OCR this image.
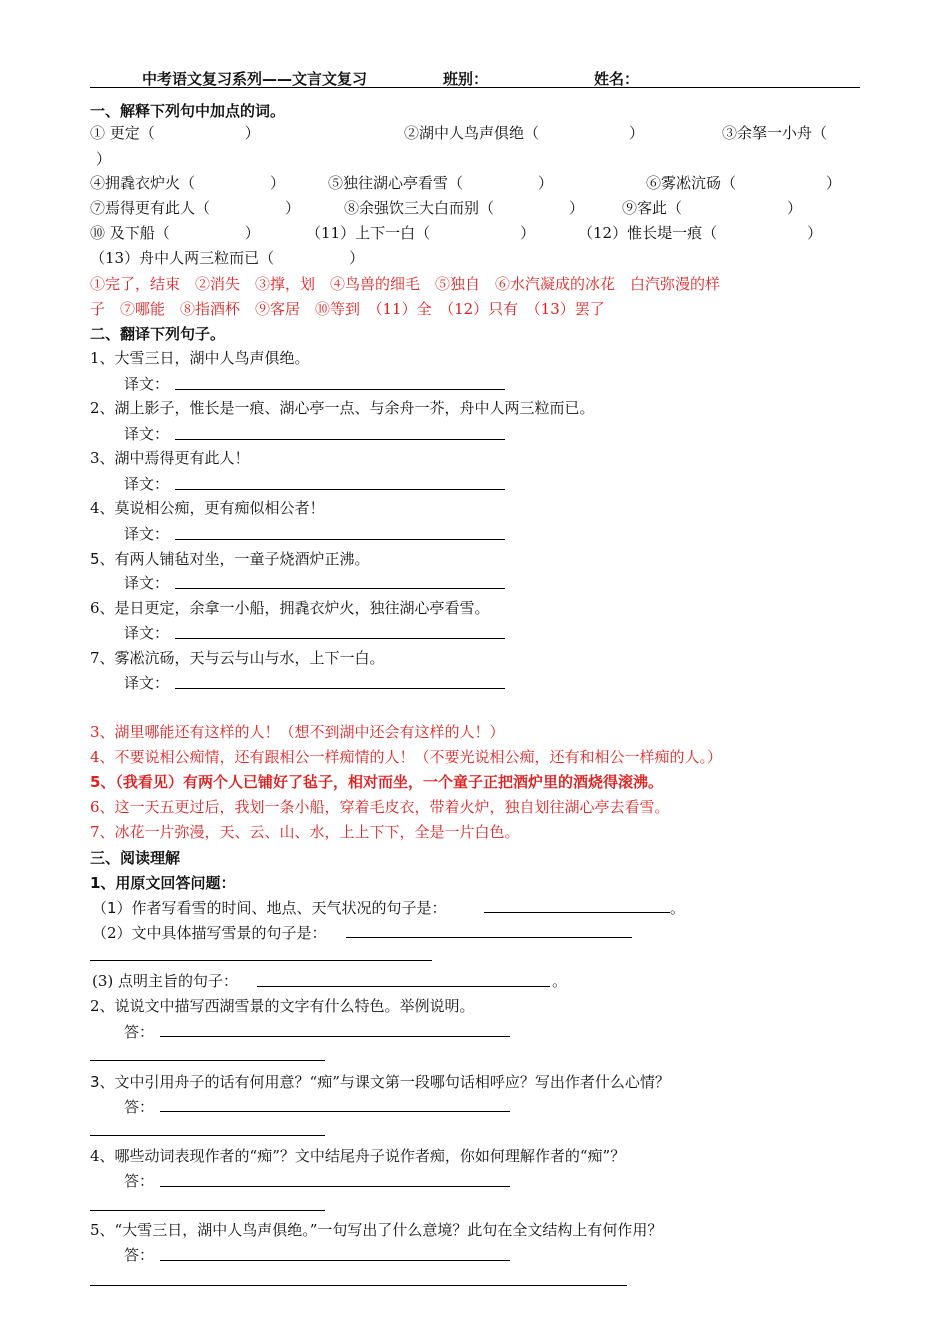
中考语文复习系列——文言文复习	班别：	姓名：
一、解释下列句中加点的词。
① 更定（　　　　　　）	②湖中人鸟声俱绝（　　　　　　）	③余拏一小舟（
）
④拥毳衣炉火（　　　　　）	⑤独往湖心亭看雪（　　　　　）	⑥雾凇沆砀（　　　　　　）
⑦焉得更有此人（　　　　　）	⑧余强饮三大白而别（　　　　　）	⑨客此（　　　　　　　）
⑩ 及下船（　　　　　）	（11）上下一白（　　　　　　）	（12）惟长堤一痕（　　　　　　）
（13）舟中人两三粒而已（　　　　　）
①完了，结束　②消失　③撑，划　④鸟兽的细毛　⑤独自　⑥水汽凝成的冰花　白汽弥漫的样
子　⑦哪能　⑧指酒杯　⑨客居　⑩等到　（11）全　（12）只有　（13）罢了
二、翻译下列句子。
1、大雪三日，湖中人鸟声俱绝。
译文：
2、湖上影子，惟长是一痕、湖心亭一点、与余舟一芥，舟中人两三粒而已。
译文：
3、湖中焉得更有此人！
译文：
4、莫说相公痴，更有痴似相公者！
译文：
5、有两人铺毡对坐，一童子烧酒炉正沸。
译文：
6、是日更定，余拿一小船，拥毳衣炉火，独往湖心亭看雪。
译文：
7、雾凇沆砀，天与云与山与水，上下一白。
译文：
3、湖里哪能还有这样的人！（想不到湖中还会有这样的人！）
4、不要说相公痴情，还有跟相公一样痴情的人！（不要光说相公痴，还有和相公一样痴的人。）
5、（我看见）有两个人已铺好了毡子，相对而坐，一个童子正把酒炉里的酒烧得滚沸。
6、这一天五更过后，我划一条小船，穿着毛皮衣，带着火炉，独自划往湖心亭去看雪。
7、冰花一片弥漫，天、云、山、水，上上下下，全是一片白色。
三、阅读理解
1、用原文回答问题：
（1）作者写看雪的时间、地点、天气状况的句子是：	。
（2）文中具体描写雪景的句子是：
(3) 点明主旨的句子：	。
2、说说文中描写西湖雪景的文字有什么特色。举例说明。
答：
3、文中引用舟子的话有何用意？“痴”与课文第一段哪句话相呼应？写出作者什么心情？
答：
4、哪些动词表现作者的“痴”？文中结尾舟子说作者痴，你如何理解作者的“痴”？
答：
5、“大雪三日，湖中人鸟声俱绝。”一句写出了什么意境？此句在全文结构上有何作用？
答：
